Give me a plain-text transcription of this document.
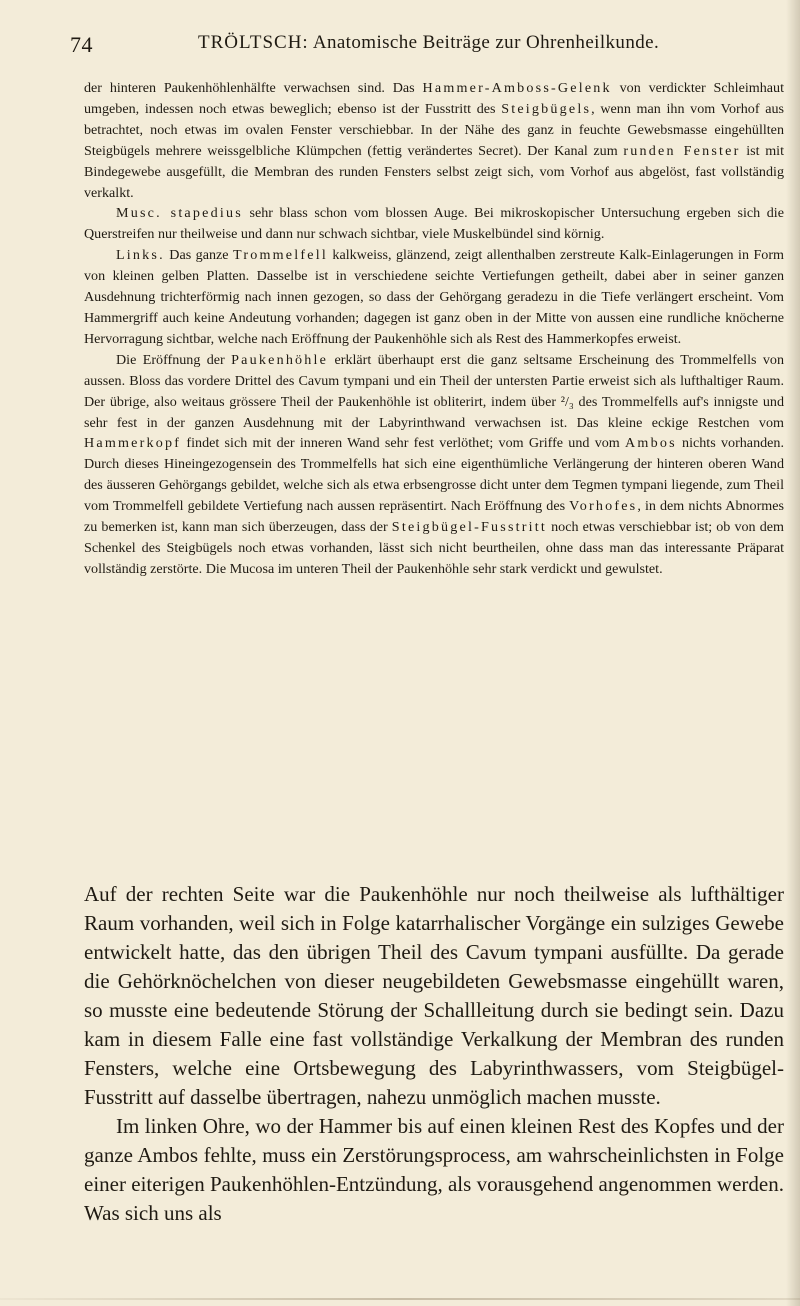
74	TRÖLTSCH: Anatomische Beiträge zur Ohrenheilkunde.

der hinteren Paukenhöhlenhälfte verwachsen sind. Das Hammer-Amboss-Gelenk von verdickter Schleimhaut umgeben, indessen noch etwas beweglich; ebenso ist der Fusstritt des Steigbügels, wenn man ihn vom Vorhof aus betrachtet, noch etwas im ovalen Fenster verschiebbar. In der Nähe des ganz in feuchte Gewebsmasse eingehüllten Steigbügels mehrere weissgelbliche Klümpchen (fettig verändertes Secret). Der Kanal zum runden Fenster ist mit Bindegewebe ausgefüllt, die Membran des runden Fensters selbst zeigt sich, vom Vorhof aus abgelöst, fast vollständig verkalkt.

Musc. stapedius sehr blass schon vom blossen Auge. Bei mikroskopischer Untersuchung ergeben sich die Querstreifen nur theilweise und dann nur schwach sichtbar, viele Muskelbündel sind körnig.

Links. Das ganze Trommelfell kalkweiss, glänzend, zeigt allenthalben zerstreute Kalk-Einlagerungen in Form von kleinen gelben Platten. Dasselbe ist in verschiedene seichte Vertiefungen getheilt, dabei aber in seiner ganzen Ausdehnung trichterförmig nach innen gezogen, so dass der Gehörgang geradezu in die Tiefe verlängert erscheint. Vom Hammergriff auch keine Andeutung vorhanden; dagegen ist ganz oben in der Mitte von aussen eine rundliche knöcherne Hervorragung sichtbar, welche nach Eröffnung der Paukenhöhle sich als Rest des Hammerkopfes erweist.

Die Eröffnung der Paukenhöhle erklärt überhaupt erst die ganz seltsame Erscheinung des Trommelfells von aussen. Bloss das vordere Drittel des Cavum tympani und ein Theil der untersten Partie erweist sich als lufthaltiger Raum. Der übrige, also weitaus grössere Theil der Paukenhöhle ist obliterirt, indem über ²/₃ des Trommelfells auf's innigste und sehr fest in der ganzen Ausdehnung mit der Labyrinthwand verwachsen ist. Das kleine eckige Restchen vom Hammerkopf findet sich mit der inneren Wand sehr fest verlöthet; vom Griffe und vom Ambos nichts vorhanden. Durch dieses Hineingezogensein des Trommelfells hat sich eine eigenthümliche Verlängerung der hinteren oberen Wand des äusseren Gehörgangs gebildet, welche sich als etwa erbsengrosse dicht unter dem Tegmen tympani liegende, zum Theil vom Trommelfell gebildete Vertiefung nach aussen repräsentirt. Nach Eröffnung des Vorhofes, in dem nichts Abnormes zu bemerken ist, kann man sich überzeugen, dass der Steigbügel-Fusstritt noch etwas verschiebbar ist; ob von dem Schenkel des Steigbügels noch etwas vorhanden, lässt sich nicht beurtheilen, ohne dass man das interessante Präparat vollständig zerstörte. Die Mucosa im unteren Theil der Paukenhöhle sehr stark verdickt und gewulstet.

Auf der rechten Seite war die Paukenhöhle nur noch theilweise als lufthältiger Raum vorhanden, weil sich in Folge katarrhalischer Vorgänge ein sulziges Gewebe entwickelt hatte, das den übrigen Theil des Cavum tympani ausfüllte. Da gerade die Gehörknöchelchen von dieser neugebildeten Gewebsmasse eingehüllt waren, so musste eine bedeutende Störung der Schallleitung durch sie bedingt sein. Dazu kam in diesem Falle eine fast vollständige Verkalkung der Membran des runden Fensters, welche eine Ortsbewegung des Labyrinthwassers, vom Steigbügel-Fusstritt auf dasselbe übertragen, nahezu unmöglich machen musste.

Im linken Ohre, wo der Hammer bis auf einen kleinen Rest des Kopfes und der ganze Ambos fehlte, muss ein Zerstörungsprocess, am wahrscheinlichsten in Folge einer eiterigen Paukenhöhlen-Entzündung, als vorausgehend angenommen werden. Was sich uns als
